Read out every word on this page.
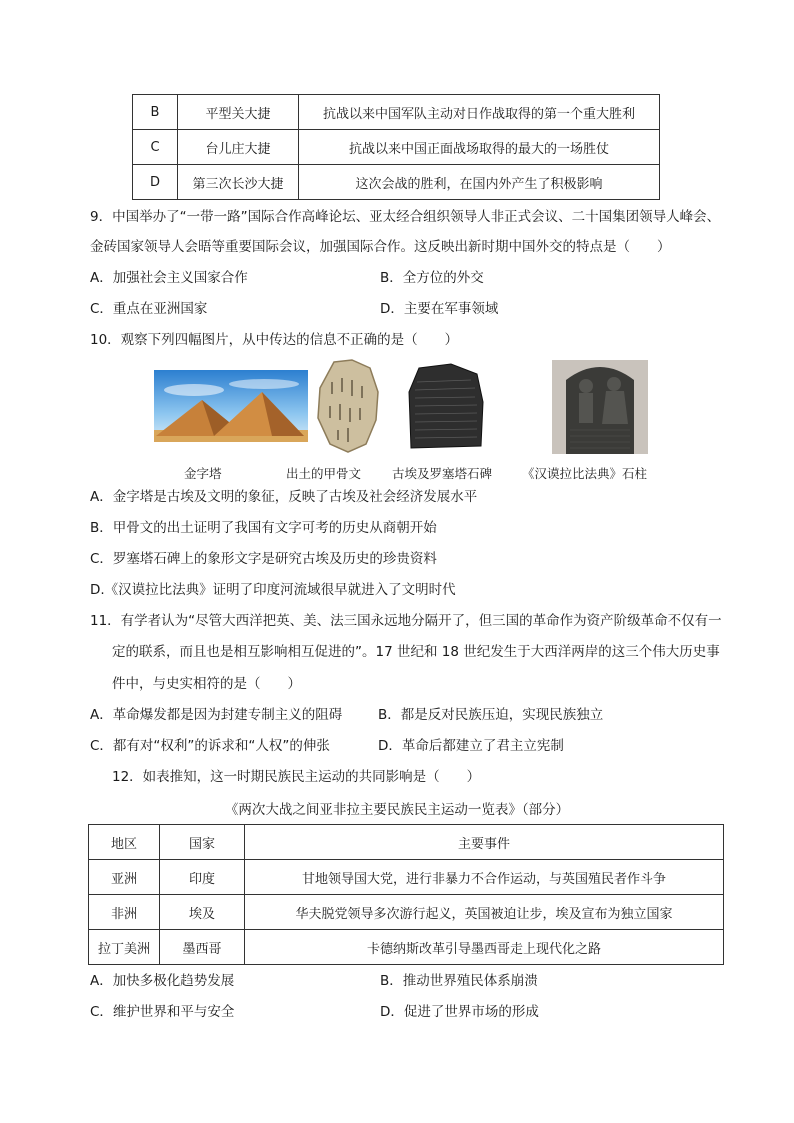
B	平型关大捷	抗战以来中国军队主动对日作战取得的第一个重大胜利
C	台儿庄大捷	抗战以来中国正面战场取得的最大的一场胜仗
D	第三次长沙大捷	这次会战的胜利，在国内外产生了积极影响
9．中国举办了“一带一路”国际合作高峰论坛、亚太经合组织领导人非正式会议、二十国集团领导人峰会、
金砖国家领导人会晤等重要国际会议，加强国际合作。这反映出新时期中国外交的特点是（　　）
A．加强社会主义国家合作	B．全方位的外交
C．重点在亚洲国家	D．主要在军事领域
10．观察下列四幅图片，从中传达的信息不正确的是（　　）
金字塔	出土的甲骨文 古埃及罗塞塔石碑 《汉谟拉比法典》石柱
A．金字塔是古埃及文明的象征，反映了古埃及社会经济发展水平
B．甲骨文的出土证明了我国有文字可考的历史从商朝开始
C．罗塞塔石碑上的象形文字是研究古埃及历史的珍贵资料
D.《汉谟拉比法典》证明了印度河流域很早就进入了文明时代
11．有学者认为“尽管大西洋把英、美、法三国永远地分隔开了，但三国的革命作为资产阶级革命不仅有一
定的联系，而且也是相互影响相互促进的”。17 世纪和 18 世纪发生于大西洋两岸的这三个伟大历史事
件中，与史实相符的是（　　）
A．革命爆发都是因为封建专制主义的阻碍	B．都是反对民族压迫，实现民族独立
C．都有对“权利”的诉求和“人权”的伸张	D．革命后都建立了君主立宪制
12．如表推知，这一时期民族民主运动的共同影响是（　　）
《两次大战之间亚非拉主要民族民主运动一览表》（部分）
地区	国家	主要事件
亚洲	印度	甘地领导国大党，进行非暴力不合作运动，与英国殖民者作斗争
非洲	埃及	华夫脱党领导多次游行起义，英国被迫让步，埃及宣布为独立国家
拉丁美洲	墨西哥	卡德纳斯改革引导墨西哥走上现代化之路
A．加快多极化趋势发展	B．推动世界殖民体系崩溃
C．维护世界和平与安全	D．促进了世界市场的形成
